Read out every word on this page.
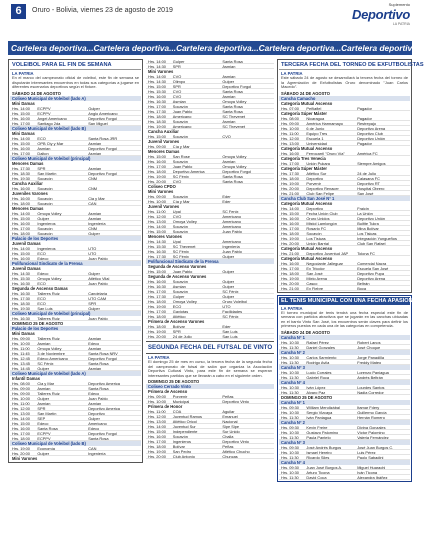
6	Oruro - Bolivia, viernes 23 de agosto de 2019
Suplemento
Deportivo
LA PATRIA
Cartelera deportiva...Cartelera deportiva...Cartelera deportiva...Cartelera deportiva...Cartelera deportiva...
VOLEIBOL PARA EL FIN DE SEMANA
LA PATRIA
En el marco del campeonato oficial de voleibol, este fin de semana se disputarán interesantes encuentros en todas sus categorías a jugarse en diferentes escenarios deportivos según el fixture.
SÁBADO 24 DE AGOSTO
Coliseo Municipal de Voleibol (lado A)
Mini Damas
Hrs. 14:00	ECPPV	Gulper
Hrs. 15:00	ECPPV	Anglo Americano
Hrs. 16:00	Angel Americano	Deportivo Forgol
Hrs. 17:00	Santiago 2da	San Miguel
Coliseo Municipal de Voleibol (lado B)
Mini Damas
Hrs. 14:00	ECO	Santa Rosa JRR
Hrs. 15:00	OPB Cty y Mar	Asmian
Hrs. 16:00	Asmian	Deportivo Forgol
Hrs. 17:00	Dalton	Asmian
Coliseo Municipal de Voleibol (principal)
Menores Damas
Hrs. 17:30	SPR	Asmian
Hrs. 18:30	San Martín	Deportivo Forgol
Hrs. 19:30	Socavón	CNM
Cancha Auxiliar
Hrs. 16:00	Socavón	CNM
Juveniles Varones
Hrs. 16:00	Socavón	Cia y Mar
Hrs. 18:00	Socavón	CAN
Menores Damas
Hrs. 14:00	Omoya Volley	Asmian
Hrs. 15:00	Gulper	Asmian
Hrs. 16:00	Ingenieros	Ingeniería
Hrs. 17:00	Socavón	CNM
Hrs. 18:00	Socavón	Gulper
Palacio de los Deportes
Juvenil Damas
Hrs. 14:00	Ingenieros	UTO
Hrs. 15:00	ECO	UTO
Hrs. 16:00	Edeco	Juan Pablo
Polifuncional Sindicato de la Prensa
Juvenil Damas
Hrs. 14:30	Edeco	Gulper
Hrs. 15:30	Omoya Volley	Atlético Vilal
Hrs. 16:30	ECO	Juan Pablo
Segunda de Ascenso Damas
Hrs. 16:30	Talleres Ruiz	Candelaria
Hrs. 17:30	ECO	UTO CAM
Hrs. 18:30	ECO	SPR
Hrs. 19:30	San Luis	Gulper
Coliseo Municipal de Voleibol (principal)
Hrs. 16:30	Talleres Ruiz	Juan Pablo
DOMINGO 25 DE AGOSTO
Palacio de los Deportes
Mini Damas
Hrs. 09:00	Talleres Ruiz	Asmian
Hrs. 10:00	Asmian	Edeco
Hrs. 11:00	Omoya Volley	Asmian
Hrs. 11:45	3 de Noviembre	Santa Rosa NRV
Hrs. 12:45	Edeco Americano	Deportivo Forgol
Hrs. 13:45	SC Fénix	Santa Rosa
Hrs. 14:45	Gulper	Asmian
Coliseo Municipal de Voleibol (lado A)
Infantil Damas
Hrs. 08:00	Cia y Mar	Deportivo America
Hrs. 09:00	Asmian	Santa Rosa
Hrs. 09:00	Talleres Ruiz	Edeco
Hrs. 10:00	Gulper	Juan Pablo
Hrs. 11:00	Asmian	Asmian
Hrs. 12:00	SPR	Deportivo America
Hrs. 13:00	San Martín	Deportivo
Hrs. 14:00	SEP	Gulper
Hrs. 15:00	Edeco	Americano
Hrs. 16:00	Santa Rosa	Edeco
Hrs. 17:00	ECPPV	Deportivo Forgol
Hrs. 18:00	ECPPV	Santa Rosa
Coliseo Municipal de Voleibol (lado B)
Hrs. 19:00	Economía	CAN
Hrs. 20:00	Gulper	Ingeniería
Mini Varones
Hrs. 14:00	Gulper	Santa Rosa
Hrs. 14:30	SPR	Asmian
Mini Varones
Hrs. 14:00	CVO	Asmian
Hrs. 14:30	Olimpo	Gulper
Hrs. 15:00	SPR	Deportivo Forgol
Hrs. 15:30	CVO	Santa Rosa
Hrs. 16:00	CVO	Asmian
Hrs. 16:30	Asmian	Omoya Volley
Hrs. 17:00	Socavón	Santa Rosa
Hrs. 17:30	Juan Pablo	Santa Rosa
Hrs. 18:00	Americano	SC Thevenet
Hrs. 18:30	Socavón	Asmian
Hrs. 19:00	Americano	SC Thevenet
Cancha Auxiliar
Hrs. 15:00	Socavón	CVO
Juvenil Varones
Hrs. 09:00	Cía y Mar
Menores Damas
Hrs. 15:00	San Rose	Omoya Volley
Hrs. 16:00	Socavón	Asmian
Hrs. 17:00	Juan Pablo	Omoya Volley
Hrs. 18:00	Deportivo America	Deportivo Forgol
Hrs. 19:00	SC Fénix	Santa Rosa
Hrs. 20:00	CVO	Santa Rosa
Coliseo CPDO
Mini Varones
Hrs. 09:00	Socavón	Eder
Hrs. 10:00	Cía y Mar	Eder
Juvenil Varones
Hrs. 11:00	Upal	SC Fenix
Hrs. 12:00	CVO	Americano
Hrs. 13:00	Omoya Volley	Americano
Hrs. 14:00	Socavón	Americano
Hrs. 15:00	Socavón	Juan Pablo
Menores Varones
Hrs. 14:30	Upal	Americano
Hrs. 15:30	SC Thevenet	Ingeniería
Hrs. 16:30	SC Fénix	Juan Pablo
Hrs. 17:30	SC Fénix	Gulper
Polifuncional Sindicato de la Prensa
Segunda de Ascenso Varones
Hrs. 15:00	Juan Pablo	Gulper
Segunda de Ascenso Varones
Hrs. 16:00	Socavón	Gulper
Hrs. 16:30	Asmian	Gulper
Hrs. 17:00	Socavón	SC Fénix
Hrs. 17:30	Gulper	Gulper
Hrs. 18:00	Omoya Volley	Oruro Voleibol
Hrs. 19:00	ECO	UTO
Hrs. 17:00	Gaviotas	Facilidades
Hrs. 18:00	Atlético	SC Fénix
Primera de Ascenso Varones
Hrs. 18:00	Bolívar	Eder
Hrs. 19:00	SPR	San Luis
Hrs. 20:00	24 de Julio	San Luis
SEGUNDA FECHA DEL FUTSAL DE VINTO
LA PATRIA
El domingo 25 de mes en curso, la tercera fecha de la segunda fecha del campeonato de futsal de salón que organiza la Asociación Deportiva Cultural Vinto, para este fin de semana se esperan interesantes partidos que se llevarán a cabo en el siguiente orden.
DOMINGO 25 DE AGOSTO
Coliseo Cerrado Vinto
Primera de Ascenso
Hrs. 09:00	Porvenir	Peñas
Hrs. 10:00	Municipal	Deportivo Vinto
Primera de Honor
Hrs. 11:00	COA	Aguilar
Hrs. 12:00	Juventud Ramos	Emanuel
Hrs. 13:00	Atlético Oricol	Nacional
Hrs. 14:00	Juventud Sur	Sipe Sipe
Hrs. 15:00	Independiente	Sur Unido
Hrs. 16:00	Socavón	Challa
Hrs. 17:00	Ingenieros	Deportivo Vinto
Hrs. 18:00	Bolívar	Peñas
Hrs. 19:00	San Pedro	Atlético Chucho
Hrs. 20:00	Club Antonio	Chuncas
TERCERA FECHA DEL TORNEO DE EXFUTBOLISTAS
LA PATRIA
Este sábado 24 de agosto se desarrollará la tercera fecha del torneo de la Agremiación de Exfutbolistas Oruro denominado "Juan Carlos Macedo".
SÁBADO 24 DE AGOSTO
Cancha Camacho
Categoría Mutual Ascenso
Hrs. 07:00	Peñiafiel	Pagador
Categoría Súper Máster
Hrs. 08:00	Nicaragua	Pagador
Hrs. 09:00	América Harmamayo	Restrepajo
Hrs. 10:00	6 de Junio	Deportivo Arena
Hrs. 11:00	Equipo Tres	Deportivo Club
Hrs. 12:00	Escuela 1	Deportivo Unión
Hrs. 13:00	Universidad	Pagador
Categoría Mutual Ascenso
Hrs. 16:00	Ferrocarril "Oruro Vía"	América FC
Categoría Tres Venecia
Hrs. 17:00	Unión Pukara	Siempre Amigos
Categoría Súper Máster
Hrs. 17:30	Atlético Sur	24 de Julio
Hrs. 18:00	Deportivo	Calasana FC
Hrs. 19:00	Porvenir	Deportivo RT
Hrs. 20:00	Deportivo Renacer	Hospital Obrero
Hrs. 21:00	Club San Felipe	San José
Cancha Club San José N° 1
Categoría Mutual Ascenso
Hrs. 14:00	Deportivo	Fraicin
Hrs. 15:00	Fecha Unión Club	La Unión
Hrs. 16:00	Oruro Unidos	Deportivo Unión
Hrs. 16:00	Mistol Lamlongón	Builtte Tukra
Hrs. 17:00	Rosario FC	Mina Bolívar
Hrs. 18:00	Socavón	Los Tisicas
Hrs. 19:00	Los Tisicas	Integración Yungueños
Hrs. 20:00	Unión Barrial	Club San Rafael
Categoría Mutual Ascenso
Hrs. 21:00	Deportivo Juventud JAP	Tolona FC
Categoría Mutual Ascenso
Hrs. 16:00	Negociante Jalleguar	Comercial Nacra
Hrs. 17:00	Ex Tricolor	Escuela San José
Hrs. 18:00	San José	Deportivo Pupa
Hrs. 19:00	Mixto Arena	Deportivo Arena
Hrs. 20:00	Casco	Beltrán
Hrs. 21:00	Ex Fiebre	Boca
EL TENIS MUNICIPAL CON UNA FECHA APASIONANTE
LA PATRIA
El torneo municipal de tenis tendrá una fecha especial este fin de semana con partidos atractivos que se jugarán en las canchas ubicadas en el barrio Vinto San José, los encuentros serán claves para definir los primeros puestos en cada una de las categorías en competencia.
SÁBADO 24 DE AGOSTO
Cancha N° 1
Hrs. 10:30	Rafael Pérez	Robert Lanos
Hrs. 11:30	Daniel Gonzales	José Choque
Cancha N° 2
Hrs. 10:30	Carlos Sarmiento	Jorge Panadilla
Hrs. 11:30	Rodrigo Avila	Freddy Mateo
Cancha N° 3
Hrs. 10:30	Lucio Corrales	Lorenzo Paniagua
Hrs. 11:30	Gabriel Roca	Andrés Beltrán
Cancha N° 4
Hrs. 10:30	Iván López	Lourdes Santos
Hrs. 11:30	Alvaro Paz	Nadia Corredor
DOMINGO 25 DE AGOSTO
Cancha N° 1
Hrs. 09:30	William Mendizábal	Itamar Fdery
Hrs. 10:30	Sergio Vizcaya	Guillermo García
Hrs. 11:30	Iván Paniagua	Hernán Romero
Cancha N° 2
Hrs. 09:30	Kevin Freire	Divina Gonzales
Hrs. 10:30	Gustavo Palomino	Víctor Palomino
Hrs. 11:30	Paula Pantelo	Valeria Fernández
Cancha N° 3
Hrs. 09:30	José Andrés Burgos	José Juan Burgos C.
Hrs. 10:30	Ismael Hereiro	Luis Pérez
Hrs. 11:30	Ricardo Siles	Paolo Sabadini
Cancha N° 4
Hrs. 09:30	Juan José Burgos A.	Miguel Huarachi
Hrs. 10:30	Arturo Ticona	Iván Ticona
Hrs. 11:30	David Coca	Alexandra Ibáñez
